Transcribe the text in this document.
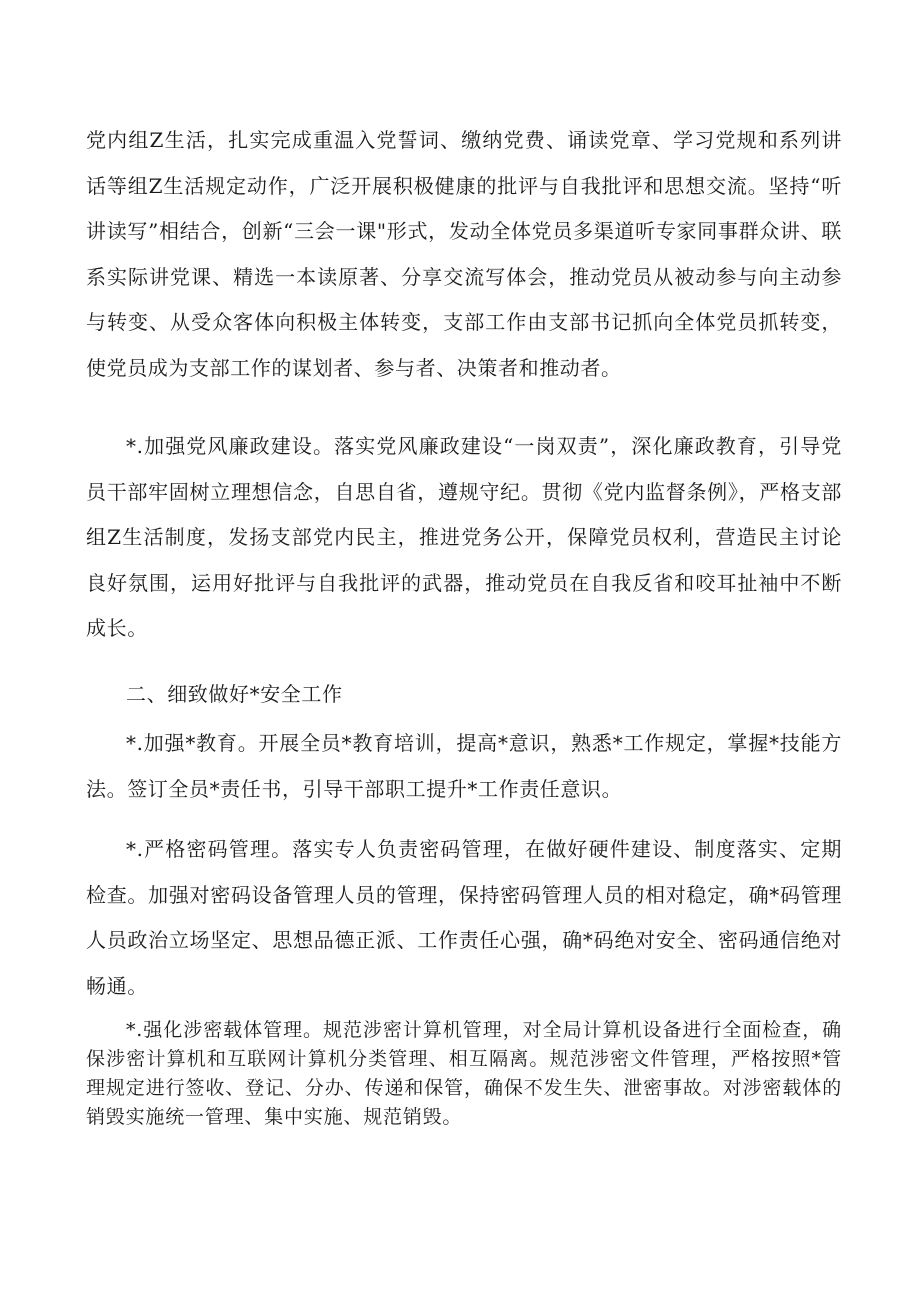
党内组Z生活，扎实完成重温入党誓词、缴纳党费、诵读党章、学习党规和系列讲话等组Z生活规定动作，广泛开展积极健康的批评与自我批评和思想交流。坚持“听讲读写”相结合，创新“三会一课"形式，发动全体党员多渠道听专家同事群众讲、联系实际讲党课、精选一本读原著、分享交流写体会，推动党员从被动参与向主动参与转变、从受众客体向积极主体转变，支部工作由支部书记抓向全体党员抓转变，使党员成为支部工作的谋划者、参与者、决策者和推动者。

*.加强党风廉政建设。落实党风廉政建设“一岗双责”，深化廉政教育，引导党员干部牢固树立理想信念，自思自省，遵规守纪。贯彻《党内监督条例》，严格支部组Z生活制度，发扬支部党内民主，推进党务公开，保障党员权利，营造民主讨论良好氛围，运用好批评与自我批评的武器，推动党员在自我反省和咬耳扯袖中不断成长。

二、细致做好*安全工作

*.加强*教育。开展全员*教育培训，提高*意识，熟悉*工作规定，掌握*技能方法。签订全员*责任书，引导干部职工提升*工作责任意识。

*.严格密码管理。落实专人负责密码管理，在做好硬件建设、制度落实、定期检查。加强对密码设备管理人员的管理，保持密码管理人员的相对稳定，确*码管理人员政治立场坚定、思想品德正派、工作责任心强，确*码绝对安全、密码通信绝对畅通。

*.强化涉密载体管理。规范涉密计算机管理，对全局计算机设备进行全面检查，确保涉密计算机和互联网计算机分类管理、相互隔离。规范涉密文件管理，严格按照*管理规定进行签收、登记、分办、传递和保管，确保不发生失、泄密事故。对涉密载体的销毁实施统一管理、集中实施、规范销毁。
